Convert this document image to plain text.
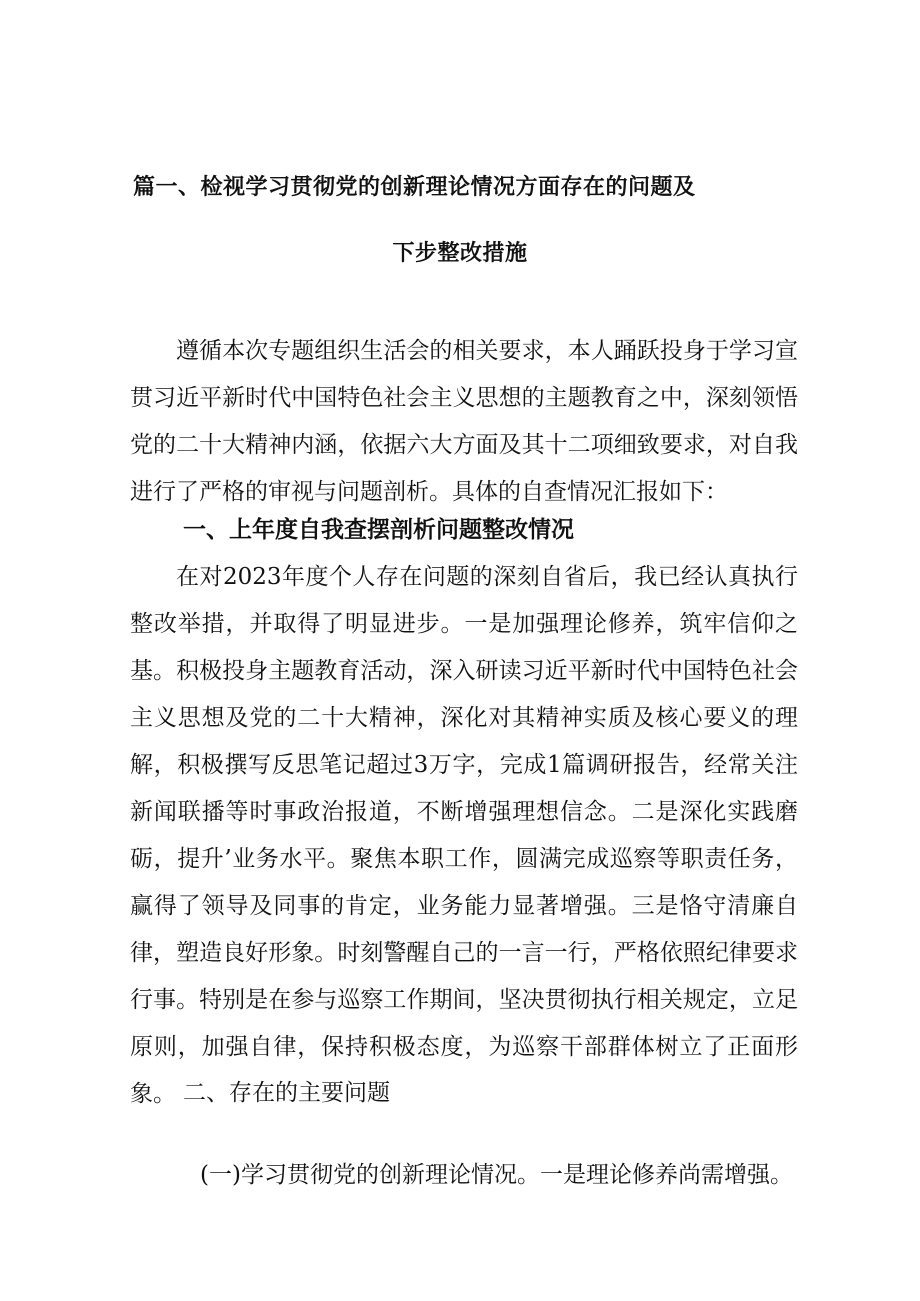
篇一、检视学习贯彻党的创新理论情况方面存在的问题及
下步整改措施

遵循本次专题组织生活会的相关要求，本人踊跃投身于学习宣贯习近平新时代中国特色社会主义思想的主题教育之中，深刻领悟党的二十大精神内涵，依据六大方面及其十二项细致要求，对自我进行了严格的审视与问题剖析。具体的自查情况汇报如下：

一、上年度自我查摆剖析问题整改情况

在对2023年度个人存在问题的深刻自省后，我已经认真执行整改举措，并取得了明显进步。一是加强理论修养，筑牢信仰之基。积极投身主题教育活动，深入研读习近平新时代中国特色社会主义思想及党的二十大精神，深化对其精神实质及核心要义的理解，积极撰写反思笔记超过3万字，完成1篇调研报告，经常关注新闻联播等时事政治报道，不断增强理想信念。二是深化实践磨砺，提升’业务水平。聚焦本职工作，圆满完成巡察等职责任务，赢得了领导及同事的肯定，业务能力显著增强。三是恪守清廉自律，塑造良好形象。时刻警醒自己的一言一行，严格依照纪律要求行事。特别是在参与巡察工作期间，坚决贯彻执行相关规定，立足原则，加强自律，保持积极态度，为巡察干部群体树立了正面形象。 二、存在的主要问题
(一)学习贯彻党的创新理论情况。一是理论修养尚需增强。
